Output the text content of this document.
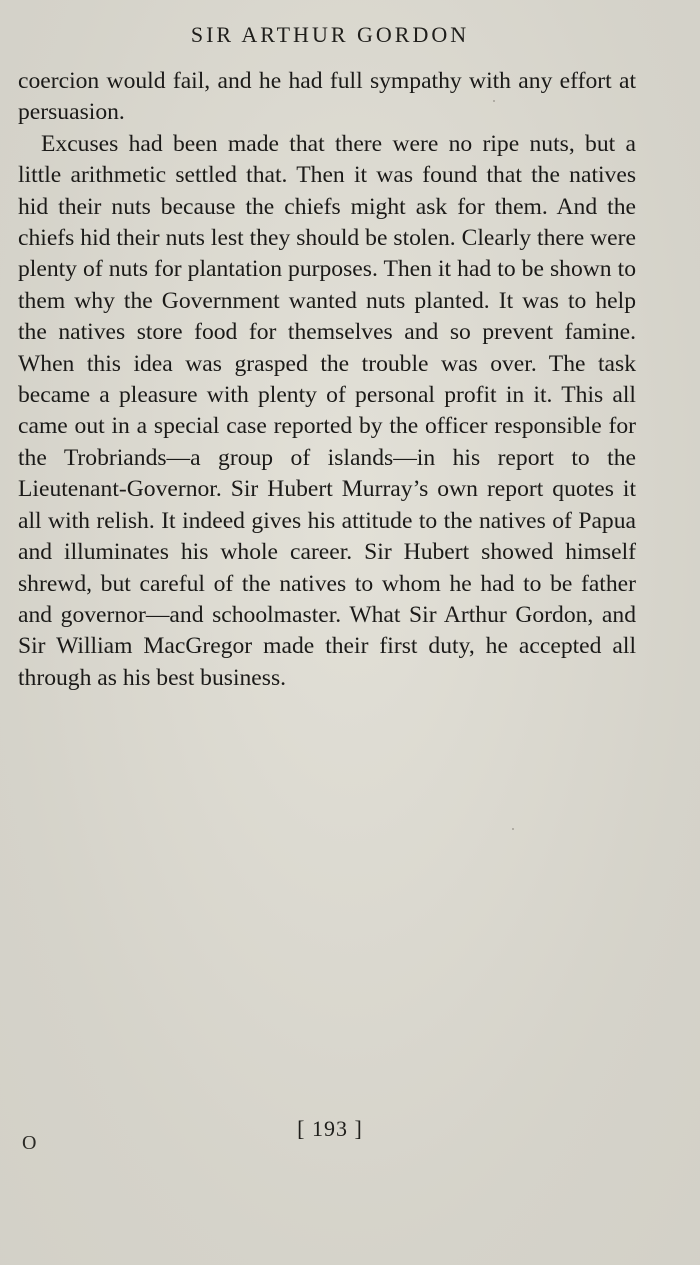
SIR ARTHUR GORDON

coercion would fail, and he had full sympathy with any effort at persuasion.

Excuses had been made that there were no ripe nuts, but a little arithmetic settled that. Then it was found that the natives hid their nuts because the chiefs might ask for them. And the chiefs hid their nuts lest they should be stolen. Clearly there were plenty of nuts for plantation purposes. Then it had to be shown to them why the Government wanted nuts planted. It was to help the natives store food for themselves and so prevent famine. When this idea was grasped the trouble was over. The task became a pleasure with plenty of personal profit in it. This all came out in a special case reported by the officer responsible for the Trobriands—a group of islands—in his report to the Lieutenant-Governor. Sir Hubert Murray’s own report quotes it all with relish. It indeed gives his attitude to the natives of Papua and illuminates his whole career. Sir Hubert showed himself shrewd, but careful of the natives to whom he had to be father and governor—and schoolmaster. What Sir Arthur Gordon, and Sir William MacGregor made their first duty, he accepted all through as his best business.

[ 193 ]
O
